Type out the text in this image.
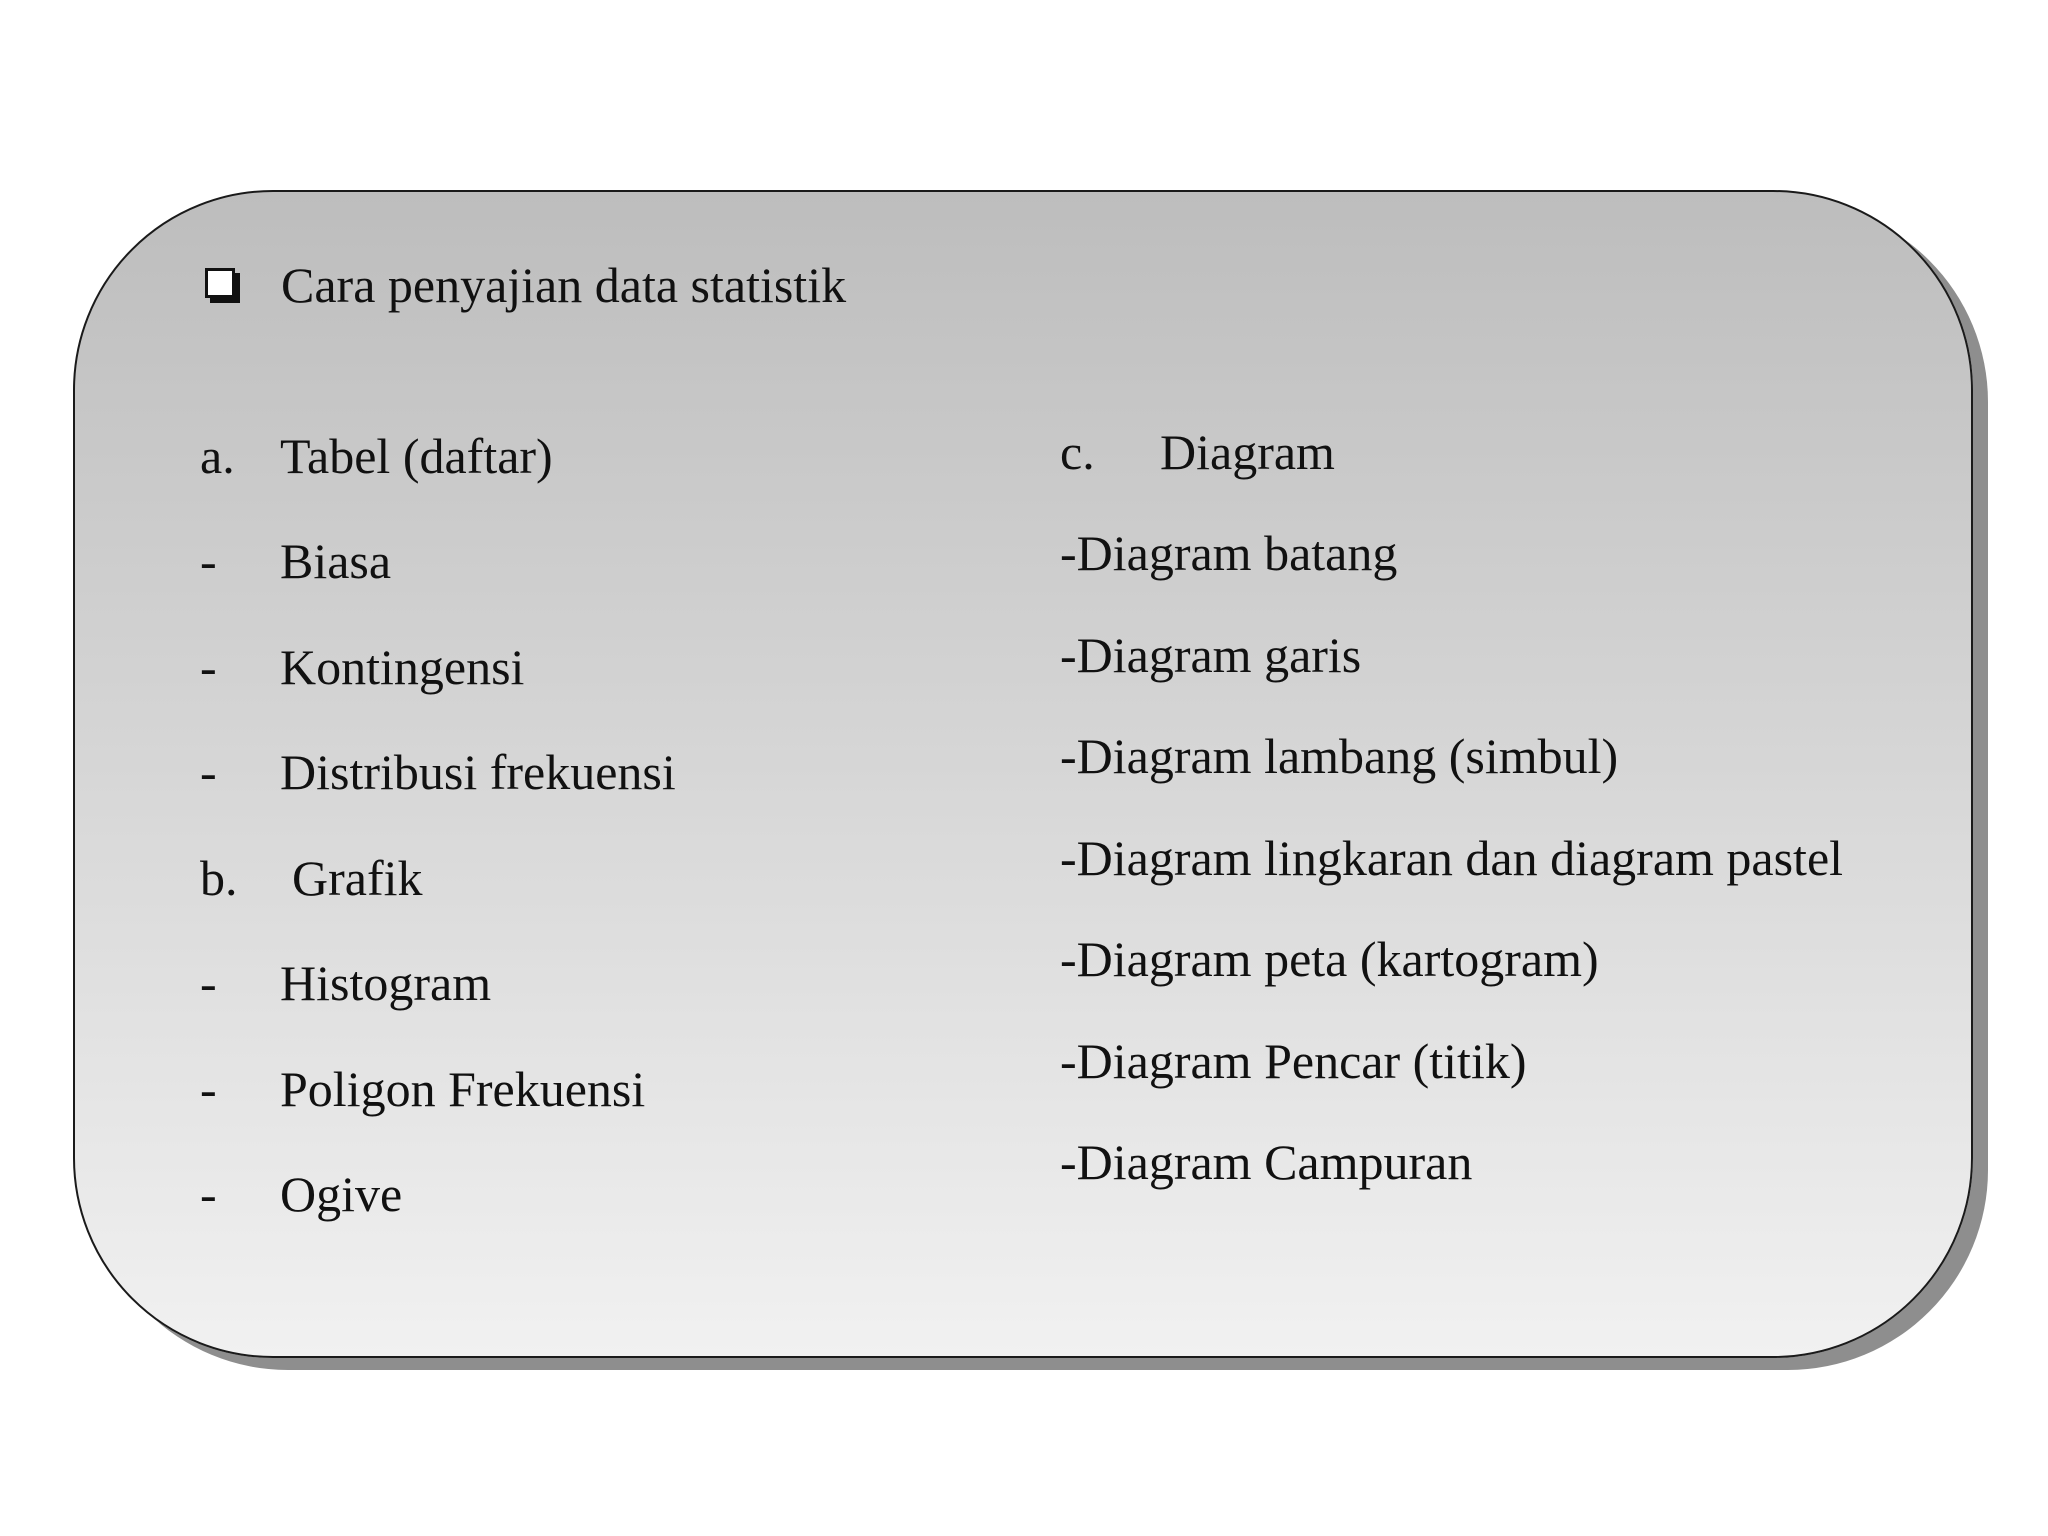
Cara penyajian data statistik
a. Tabel (daftar)
-	Biasa
-	Kontingensi
-	Distribusi frekuensi
b.	Grafik
-	Histogram
-	Poligon Frekuensi
-	Ogive
c.	Diagram
-Diagram batang
-Diagram garis
-Diagram lambang (simbul)
-Diagram lingkaran dan diagram pastel
-Diagram peta (kartogram)
-Diagram Pencar (titik)
-Diagram Campuran
